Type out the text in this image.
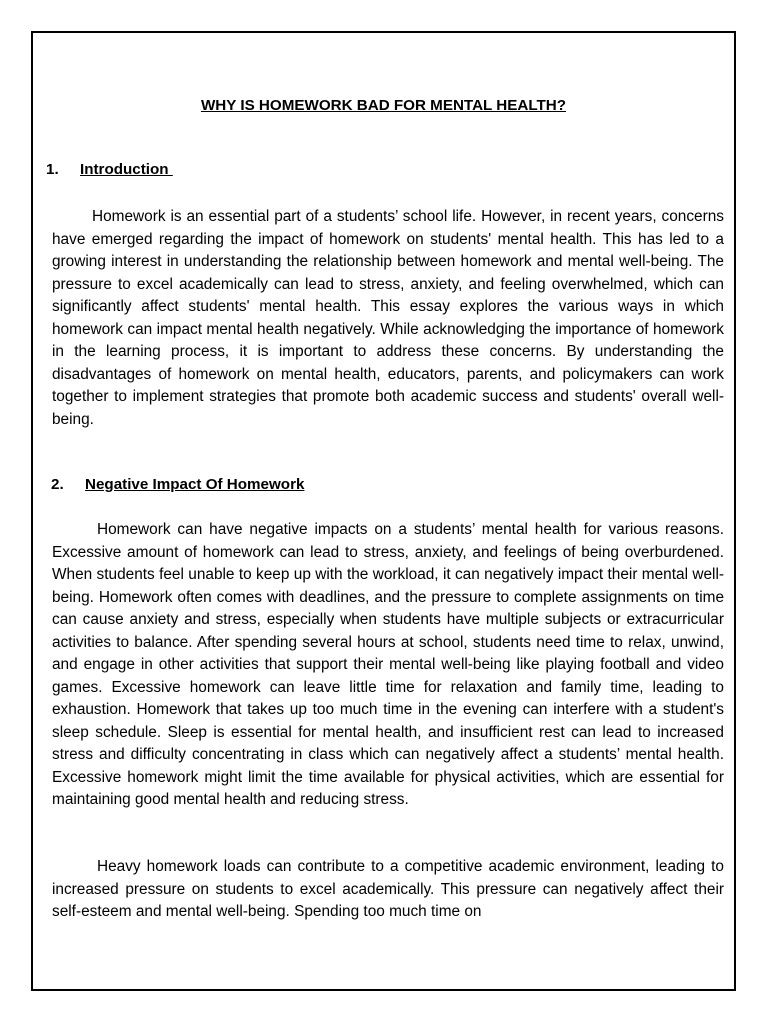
WHY IS HOMEWORK BAD FOR MENTAL HEALTH?
1. Introduction

Homework is an essential part of a students’ school life. However, in recent years, concerns have emerged regarding the impact of homework on students' mental health. This has led to a growing interest in understanding the relationship between homework and mental well-being. The pressure to excel academically can lead to stress, anxiety, and feeling overwhelmed, which can significantly affect students' mental health. This essay explores the various ways in which homework can impact mental health negatively. While acknowledging the importance of homework in the learning process, it is important to address these concerns. By understanding the disadvantages of homework on mental health, educators, parents, and policymakers can work together to implement strategies that promote both academic success and students' overall well-being.

2. Negative Impact Of Homework

Homework can have negative impacts on a students’ mental health for various reasons. Excessive amount of homework can lead to stress, anxiety, and feelings of being overburdened. When students feel unable to keep up with the workload, it can negatively impact their mental well-being. Homework often comes with deadlines, and the pressure to complete assignments on time can cause anxiety and stress, especially when students have multiple subjects or extracurricular activities to balance. After spending several hours at school, students need time to relax, unwind, and engage in other activities that support their mental well-being like playing football and video games. Excessive homework can leave little time for relaxation and family time, leading to exhaustion. Homework that takes up too much time in the evening can interfere with a student's sleep schedule. Sleep is essential for mental health, and insufficient rest can lead to increased stress and difficulty concentrating in class which can negatively affect a students’ mental health. Excessive homework might limit the time available for physical activities, which are essential for maintaining good mental health and reducing stress.

Heavy homework loads can contribute to a competitive academic environment, leading to increased pressure on students to excel academically. This pressure can negatively affect their self-esteem and mental well-being. Spending too much time on
